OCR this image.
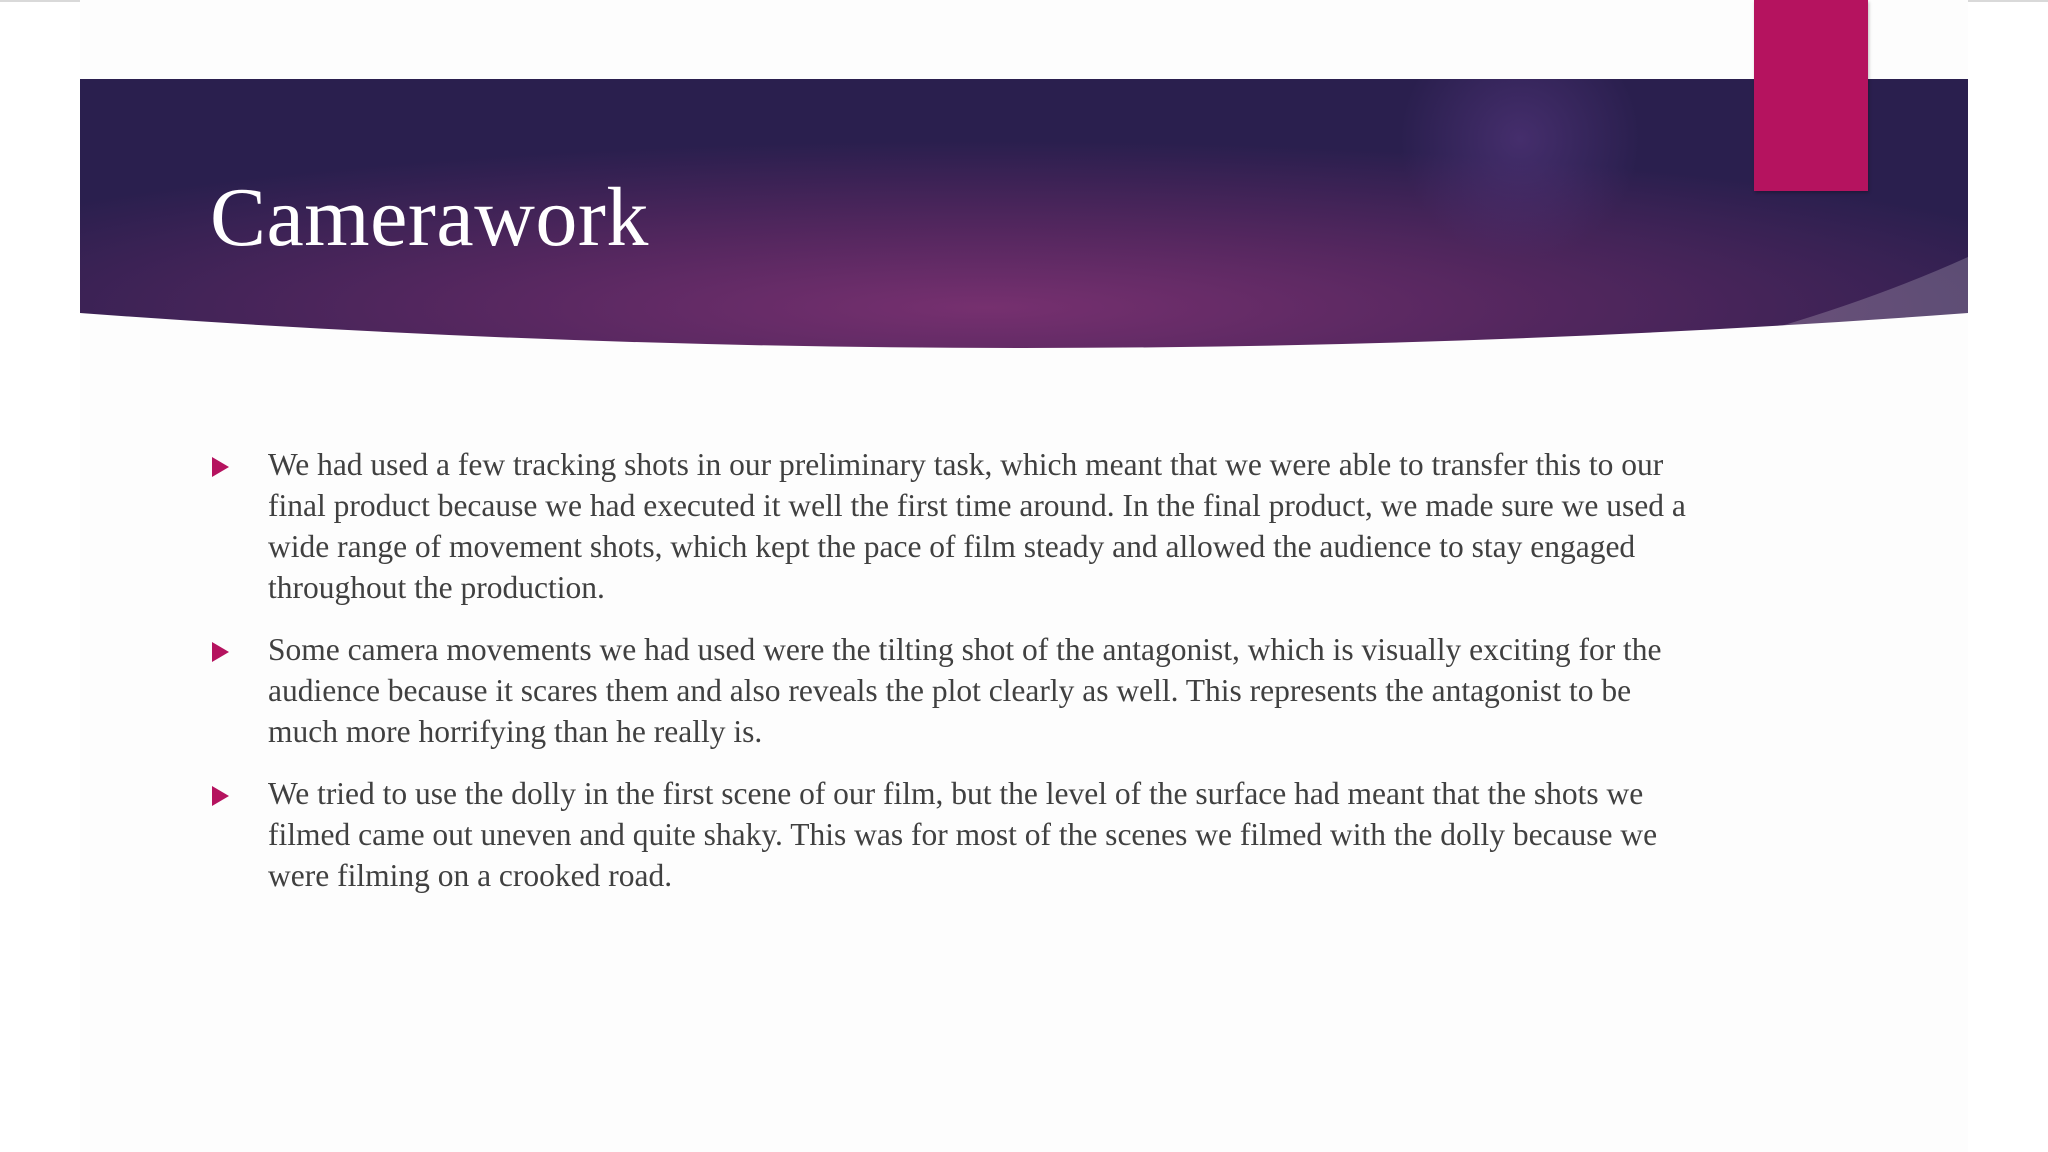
Camerawork
We had used a few tracking shots in our preliminary task, which meant that we were able to transfer this to our final product because we had executed it well the first time around. In the final product, we made sure we used a wide range of movement shots, which kept the pace of film steady and allowed the audience to stay engaged throughout the production.
Some camera movements we had used were the tilting shot of the antagonist, which is visually exciting for the audience because it scares them and also reveals the plot clearly as well. This represents the antagonist to be much more horrifying than he really is.
We tried to use the dolly in the first scene of our film, but the level of the surface had meant that the shots we filmed came out uneven and quite shaky. This was for most of the scenes we filmed with the dolly because we were filming on a crooked road.
